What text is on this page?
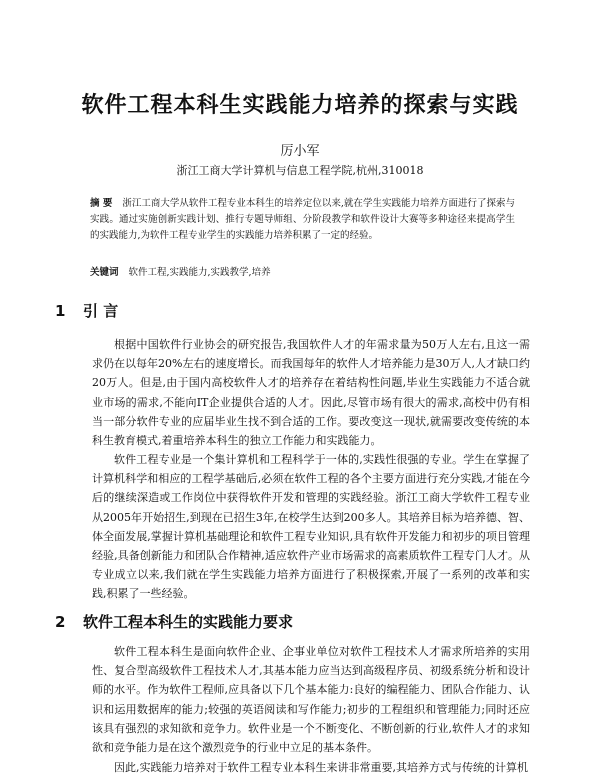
软件工程本科生实践能力培养的探索与实践
厉小军
浙江工商大学计算机与信息工程学院,杭州,310018
摘 要 浙江工商大学从软件工程专业本科生的培养定位以来,就在学生实践能力培养方面进行了探索与实践。通过实施创新实践计划、推行专题导师组、分阶段教学和软件设计大赛等多种途径来提高学生的实践能力,为软件工程专业学生的实践能力培养积累了一定的经验。
关键词 软件工程,实践能力,实践教学,培养
1 引 言

根据中国软件行业协会的研究报告,我国软件人才的年需求量为50万人左右,且这一需求仍在以每年20%左右的速度增长。而我国每年的软件人才培养能力是30万人,人才缺口约20万人。但是,由于国内高校软件人才的培养存在着结构性问题,毕业生实践能力不适合就业市场的需求,不能向IT企业提供合适的人才。因此,尽管市场有很大的需求,高校中仍有相当一部分软件专业的应届毕业生找不到合适的工作。要改变这一现状,就需要改变传统的本科生教育模式,着重培养本科生的独立工作能力和实践能力。

软件工程专业是一个集计算机和工程科学于一体的,实践性很强的专业。学生在掌握了计算机科学和相应的工程学基础后,必须在软件工程的各个主要方面进行充分实践,才能在今后的继续深造或工作岗位中获得软件开发和管理的实践经验。浙江工商大学软件工程专业从2005年开始招生,到现在已招生3年,在校学生达到200多人。其培养目标为培养德、智、体全面发展,掌握计算机基础理论和软件工程专业知识,具有软件开发能力和初步的项目管理经验,具备创新能力和团队合作精神,适应软件产业市场需求的高素质软件工程专门人才。从专业成立以来,我们就在学生实践能力培养方面进行了积极探索,开展了一系列的改革和实践,积累了一些经验。

2 软件工程本科生的实践能力要求

软件工程本科生是面向软件企业、企事业单位对软件工程技术人才需求所培养的实用性、复合型高级软件工程技术人才,其基本能力应当达到高级程序员、初级系统分析和设计师的水平。作为软件工程师,应具备以下几个基本能力:良好的编程能力、团队合作能力、认识和运用数据库的能力;较强的英语阅读和写作能力;初步的工程组织和管理能力;同时还应该具有强烈的求知欲和竞争力。软件业是一个不断变化、不断创新的行业,软件人才的求知欲和竞争能力是在这个激烈竞争的行业中立足的基本条件。

因此,实践能力培养对于软件工程专业本科生来讲非常重要,其培养方式与传统的计算机
